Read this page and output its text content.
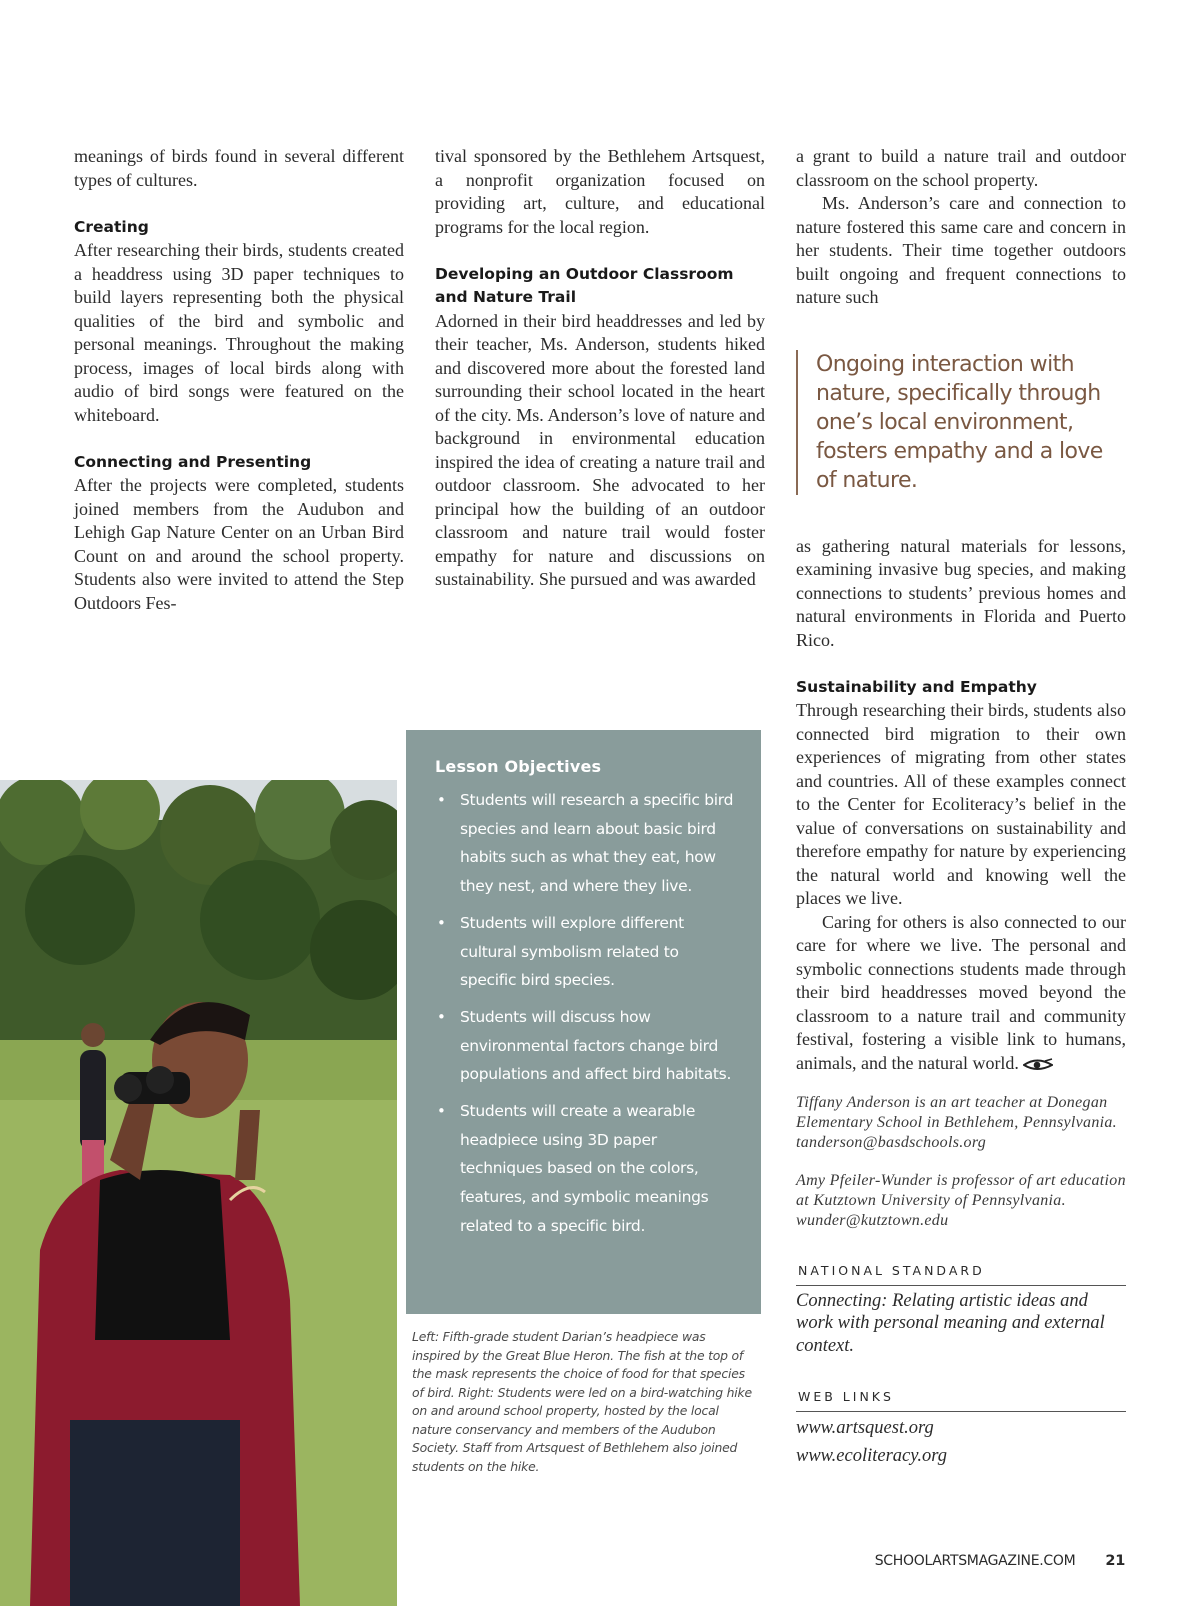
meanings of birds found in several different types of cultures.

Creating

After researching their birds, students created a headdress using 3D paper techniques to build layers representing both the physical qualities of the bird and symbolic and personal meanings. Throughout the making process, images of local birds along with audio of bird songs were featured on the whiteboard.

Connecting and Presenting

After the projects were completed, students joined members from the Audubon and Lehigh Gap Nature Center on an Urban Bird Count on and around the school property. Students also were invited to attend the Step Outdoors Fes-

tival sponsored by the Bethlehem Artsquest, a nonprofit organization focused on providing art, culture, and educational programs for the local region.

Developing an Outdoor Classroom and Nature Trail

Adorned in their bird headdresses and led by their teacher, Ms. Anderson, students hiked and discovered more about the forested land surrounding their school located in the heart of the city. Ms. Anderson’s love of nature and background in environmental education inspired the idea of creating a nature trail and outdoor classroom. She advocated to her principal how the building of an outdoor classroom and nature trail would foster empathy for nature and discussions on sustainability. She pursued and was awarded

a grant to build a nature trail and outdoor classroom on the school property.

Ms. Anderson’s care and connection to nature fostered this same care and concern in her students. Their time together outdoors built ongoing and frequent connections to nature such

Ongoing interaction with nature, specifically through one’s local environment, fosters empathy and a love of nature.

as gathering natural materials for lessons, examining invasive bug species, and making connections to students’ previous homes and natural environments in Florida and Puerto Rico.

Sustainability and Empathy

Through researching their birds, students also connected bird migration to their own experiences of migrating from other states and countries. All of these examples connect to the Center for Ecoliteracy’s belief in the value of conversations on sustainability and therefore empathy for nature by experiencing the natural world and knowing well the places we live.

Caring for others is also connected to our care for where we live. The personal and symbolic connections students made through their bird headdresses moved beyond the classroom to a nature trail and community festival, fostering a visible link to humans, animals, and the natural world.

Tiffany Anderson is an art teacher at Donegan Elementary School in Bethlehem, Pennsylvania. tanderson@basdschools.org
Amy Pfeiler-Wunder is professor of art education at Kutztown University of Pennsylvania. wunder@kutztown.edu
NATIONAL STANDARD
Connecting: Relating artistic ideas and work with personal meaning and external context.
WEB LINKS
www.artsquest.org
www.ecoliteracy.org
Lesson Objectives
• Students will research a specific bird species and learn about basic bird habits such as what they eat, how they nest, and where they live.
• Students will explore different cultural symbolism related to specific bird species.
• Students will discuss how environmental factors change bird populations and affect bird habitats.
• Students will create a wearable headpiece using 3D paper techniques based on the colors, features, and symbolic meanings related to a specific bird.
Left: Fifth-grade student Darian’s headpiece was inspired by the Great Blue Heron. The fish at the top of the mask represents the choice of food for that species of bird. Right: Students were led on a bird-watching hike on and around school property, hosted by the local nature conservancy and members of the Audubon Society. Staff from Artsquest of Bethlehem also joined students on the hike.
SCHOOLARTSMAGAZINE.COM 21
